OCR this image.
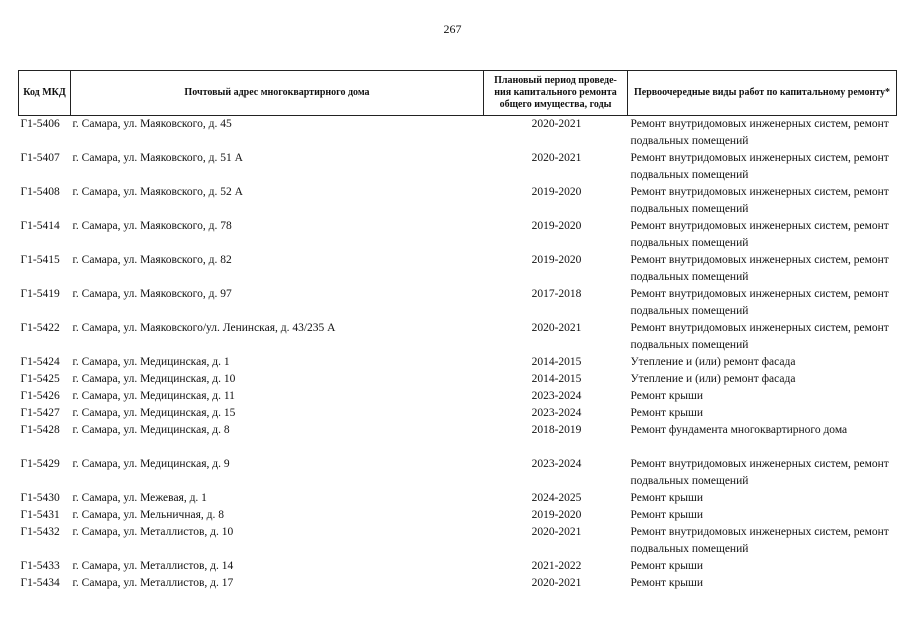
267
Код МКД	Почтовый адрес многоквартирного дома	Плановый период проведе-ния капитального ремонта общего имущества, годы	Первоочередные виды работ по капитальному ремонту*
Г1-5406	г. Самара, ул. Маяковского, д. 45	2020-2021	Ремонт внутридомовых инженерных систем, ремонт подвальных помещений
Г1-5407	г. Самара, ул. Маяковского, д. 51 А	2020-2021	Ремонт внутридомовых инженерных систем, ремонт подвальных помещений
Г1-5408	г. Самара, ул. Маяковского, д. 52 А	2019-2020	Ремонт внутридомовых инженерных систем, ремонт подвальных помещений
Г1-5414	г. Самара, ул. Маяковского, д. 78	2019-2020	Ремонт внутридомовых инженерных систем, ремонт подвальных помещений
Г1-5415	г. Самара, ул. Маяковского, д. 82	2019-2020	Ремонт внутридомовых инженерных систем, ремонт подвальных помещений
Г1-5419	г. Самара, ул. Маяковского, д. 97	2017-2018	Ремонт внутридомовых инженерных систем, ремонт подвальных помещений
Г1-5422	г. Самара, ул. Маяковского/ул. Ленинская, д. 43/235 А	2020-2021	Ремонт внутридомовых инженерных систем, ремонт подвальных помещений
Г1-5424	г. Самара, ул. Медицинская, д. 1	2014-2015	Утепление и (или) ремонт фасада
Г1-5425	г. Самара, ул. Медицинская, д. 10	2014-2015	Утепление и (или) ремонт фасада
Г1-5426	г. Самара, ул. Медицинская, д. 11	2023-2024	Ремонт крыши
Г1-5427	г. Самара, ул. Медицинская, д. 15	2023-2024	Ремонт крыши
Г1-5428	г. Самара, ул. Медицинская, д. 8	2018-2019	Ремонт фундамента многоквартирного дома
Г1-5429	г. Самара, ул. Медицинская, д. 9	2023-2024	Ремонт внутридомовых инженерных систем, ремонт подвальных помещений
Г1-5430	г. Самара, ул. Межевая, д. 1	2024-2025	Ремонт крыши
Г1-5431	г. Самара, ул. Мельничная, д. 8	2019-2020	Ремонт крыши
Г1-5432	г. Самара, ул. Металлистов, д. 10	2020-2021	Ремонт внутридомовых инженерных систем, ремонт подвальных помещений
Г1-5433	г. Самара, ул. Металлистов, д. 14	2021-2022	Ремонт крыши
Г1-5434	г. Самара, ул. Металлистов, д. 17	2020-2021	Ремонт крыши
